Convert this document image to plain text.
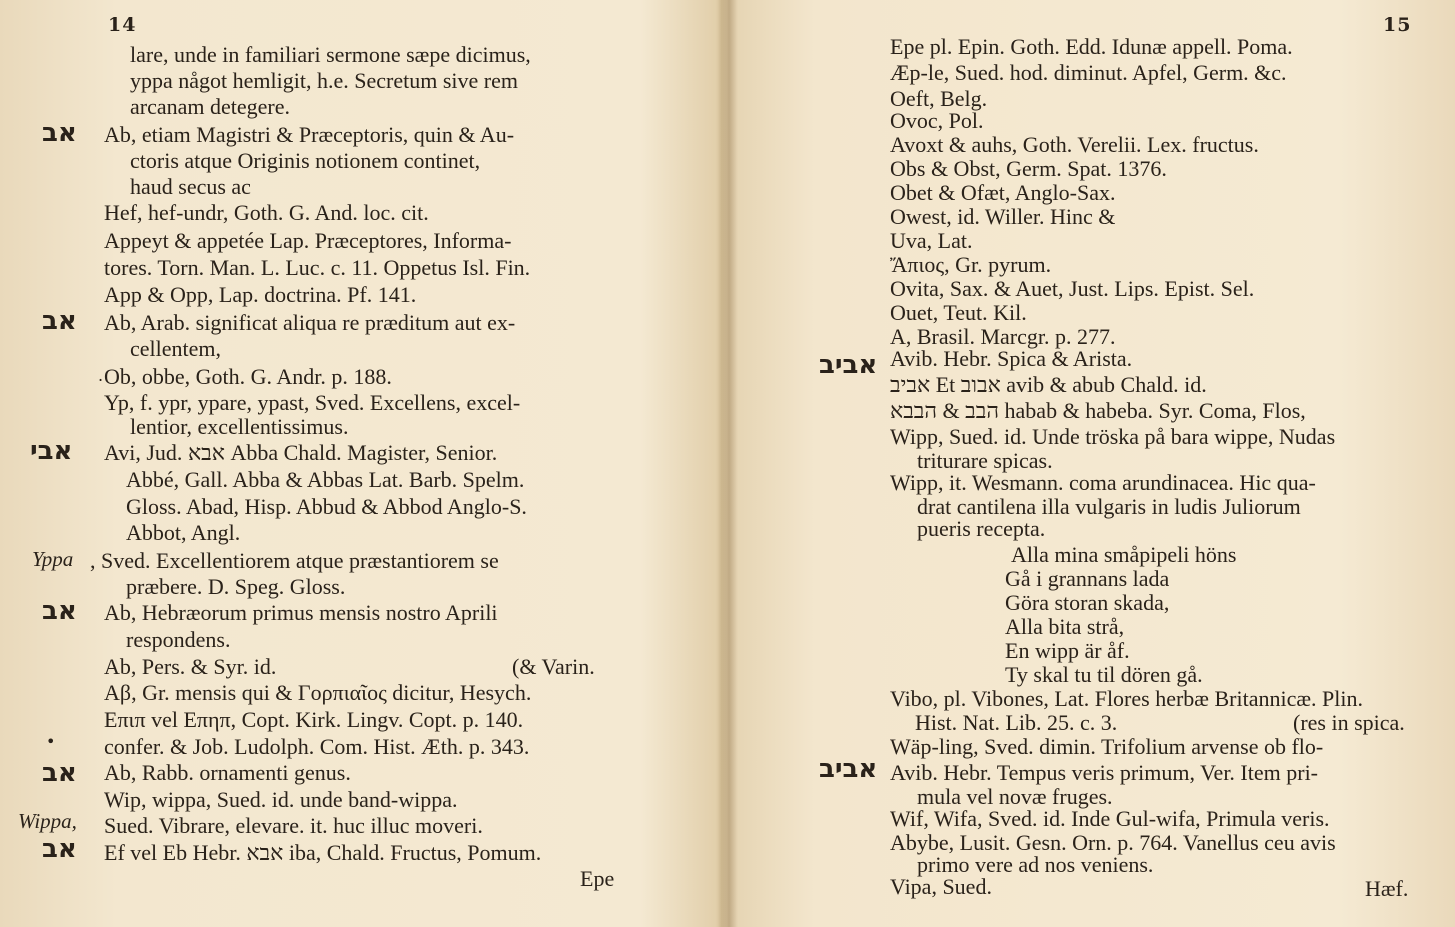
14
אב
אב
אבי
אב
אב
אב
Yppa
Wippa,
.
•
lare, unde in familiari sermone sæpe dicimus,
yppa något hemligit, h.e. Secretum sive rem
arcanam detegere.
Ab, etiam Magistri & Præceptoris, quin & Au-
ctoris atque Originis notionem continet,
haud secus ac
Hef, hef-undr, Goth. G. And. loc. cit.
Appeyt & appetée Lap. Præceptores, Informa-
tores. Torn. Man. L. Luc. c. 11. Oppetus Isl. Fin.
App & Opp, Lap. doctrina. Pf. 141.
Ab, Arab. significat aliqua re præditum aut ex-
cellentem,
Ob, obbe, Goth. G. Andr. p. 188.
Yp, f. ypr, ypare, ypast, Sved. Excellens, excel-
lentior, excellentissimus.
Avi, Jud. אבא Abba Chald. Magister, Senior.
Abbé, Gall. Abba & Abbas Lat. Barb. Spelm.
Gloss. Abad, Hisp. Abbud & Abbod Anglo-S.
Abbot, Angl.
, Sved. Excellentiorem atque præstantiorem se
præbere. D. Speg. Gloss.
Ab, Hebræorum primus mensis nostro Aprili
respondens.
Ab, Pers. & Syr. id.	(& Varin.
Aβ, Gr. mensis qui & Γορπιαῖος dicitur, Hesych.
Επιπ vel Επηπ, Copt. Kirk. Lingv. Copt. p. 140.
confer. & Job. Ludolph. Com. Hist. Æth. p. 343.
Ab, Rabb. ornamenti genus.
Wip, wippa, Sued. id. unde band-wippa.
Sued. Vibrare, elevare. it. huc illuc moveri.
Ef vel Eb Hebr. אבא iba, Chald. Fructus, Pomum.
Epe
15
אביב
אביב
Epe pl. Epin. Goth. Edd. Idunæ appell. Poma.
Æp-le, Sued. hod. diminut. Apfel, Germ. &c.
Oeft, Belg.
Ovoc, Pol.
Avoxt & auhs, Goth. Verelii. Lex. fructus.
Obs & Obst, Germ. Spat. 1376.
Obet & Ofæt, Anglo-Sax.
Owest, id. Willer. Hinc &
Uva, Lat.
Ἄπιος, Gr. pyrum.
Ovita, Sax. & Auet, Just. Lips. Epist. Sel.
Ouet, Teut. Kil.
A, Brasil. Marcgr. p. 277.
Avib. Hebr. Spica & Arista.
אביב Et אבוב avib & abub Chald. id.
הבב & הבבא habab & habeba. Syr. Coma, Flos,
Wipp, Sued. id. Unde tröska på bara wippe, Nudas
triturare spicas.
Wipp, it. Wesmann. coma arundinacea. Hic qua-
drat cantilena illa vulgaris in ludis Juliorum
pueris recepta.
Alla mina småpipeli höns
Gå i grannans lada
Göra storan skada,
Alla bita strå,
En wipp är åf.
Ty skal tu til dören gå.
Vibo, pl. Vibones, Lat. Flores herbæ Britannicæ. Plin.
Hist. Nat. Lib. 25. c. 3.	(res in spica.
Wäp-ling, Sved. dimin. Trifolium arvense ob flo-
Avib. Hebr. Tempus veris primum, Ver. Item pri-
mula vel novæ fruges.
Wif, Wifa, Sved. id. Inde Gul-wifa, Primula veris.
Abybe, Lusit. Gesn. Orn. p. 764. Vanellus ceu avis
primo vere ad nos veniens.
Vipa, Sued.	Hæf.
